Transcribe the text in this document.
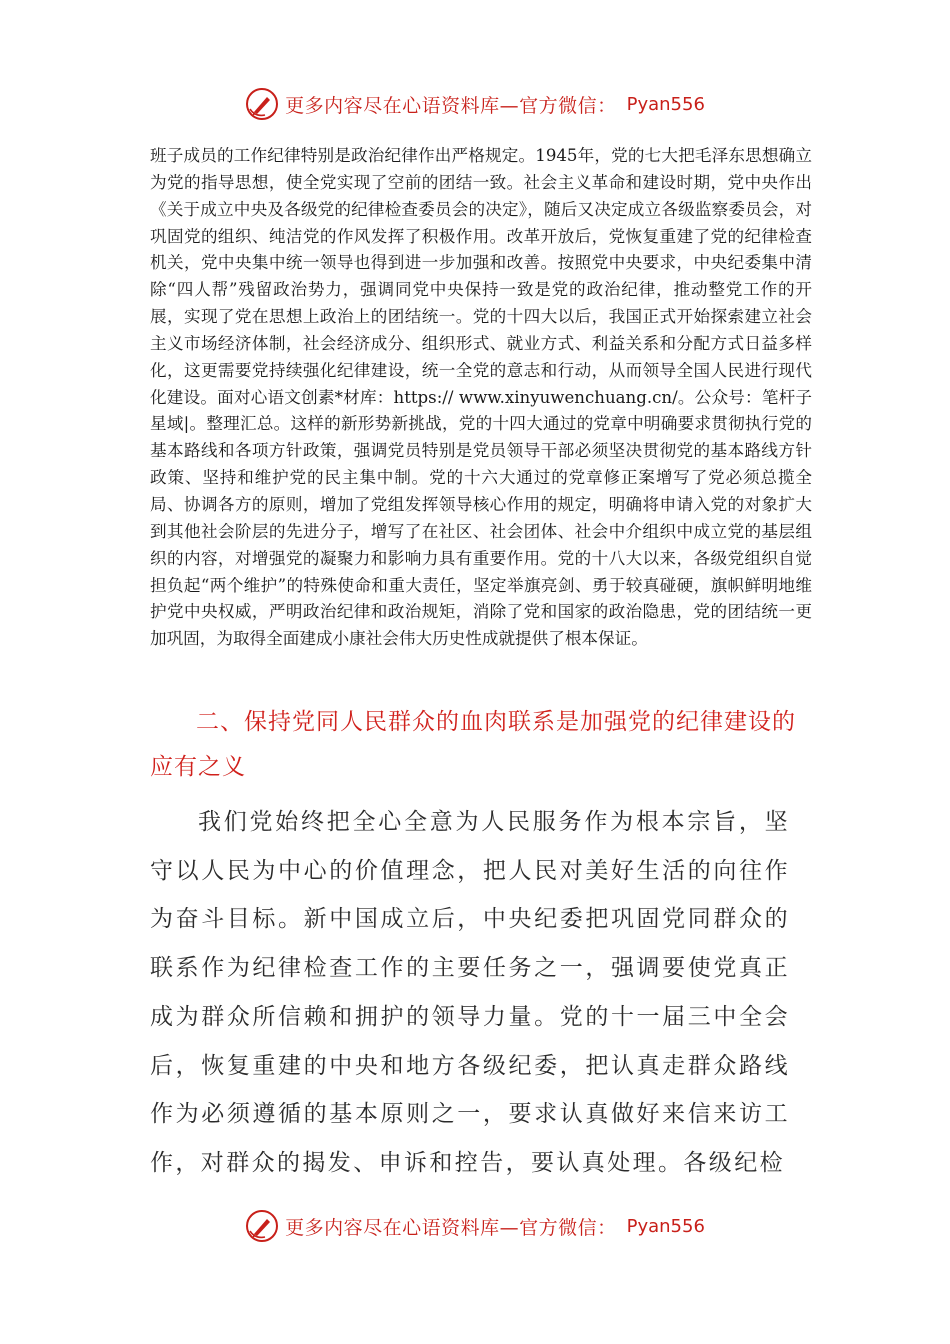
更多内容尽在心语资料库—官方微信： Pyan556

班子成员的工作纪律特别是政治纪律作出严格规定。1945年，党的七大把毛泽东思想确立为党的指导思想，使全党实现了空前的团结一致。社会主义革命和建设时期，党中央作出《关于成立中央及各级党的纪律检查委员会的决定》，随后又决定成立各级监察委员会，对巩固党的组织、纯洁党的作风发挥了积极作用。改革开放后，党恢复重建了党的纪律检查机关，党中央集中统一领导也得到进一步加强和改善。按照党中央要求，中央纪委集中清除“四人帮”残留政治势力，强调同党中央保持一致是党的政治纪律，推动整党工作的开展，实现了党在思想上政治上的团结统一。党的十四大以后，我国正式开始探索建立社会主义市场经济体制，社会经济成分、组织形式、就业方式、利益关系和分配方式日益多样化，这更需要党持续强化纪律建设，统一全党的意志和行动，从而领导全国人民进行现代化建设。面对心语文创素*材库：https:// www.xinyuwenchuang.cn/。公众号：笔杆子星域|。整理汇总。这样的新形势新挑战，党的十四大通过的党章中明确要求贯彻执行党的基本路线和各项方针政策，强调党员特别是党员领导干部必须坚决贯彻党的基本路线方针政策、坚持和维护党的民主集中制。党的十六大通过的党章修正案增写了党必须总揽全局、协调各方的原则，增加了党组发挥领导核心作用的规定，明确将申请入党的对象扩大到其他社会阶层的先进分子，增写了在社区、社会团体、社会中介组织中成立党的基层组织的内容，对增强党的凝聚力和影响力具有重要作用。党的十八大以来，各级党组织自觉担负起“两个维护”的特殊使命和重大责任，坚定举旗亮剑、勇于较真碰硬，旗帜鲜明地维护党中央权威，严明政治纪律和政治规矩，消除了党和国家的政治隐患，党的团结统一更加巩固，为取得全面建成小康社会伟大历史性成就提供了根本保证。

二、保持党同人民群众的血肉联系是加强党的纪律建设的应有之义

我们党始终把全心全意为人民服务作为根本宗旨，坚守以人民为中心的价值理念，把人民对美好生活的向往作为奋斗目标。新中国成立后，中央纪委把巩固党同群众的联系作为纪律检查工作的主要任务之一，强调要使党真正成为群众所信赖和拥护的领导力量。党的十一届三中全会后，恢复重建的中央和地方各级纪委，把认真走群众路线作为必须遵循的基本原则之一，要求认真做好来信来访工作，对群众的揭发、申诉和控告，要认真处理。各级纪检

更多内容尽在心语资料库—官方微信： Pyan556
